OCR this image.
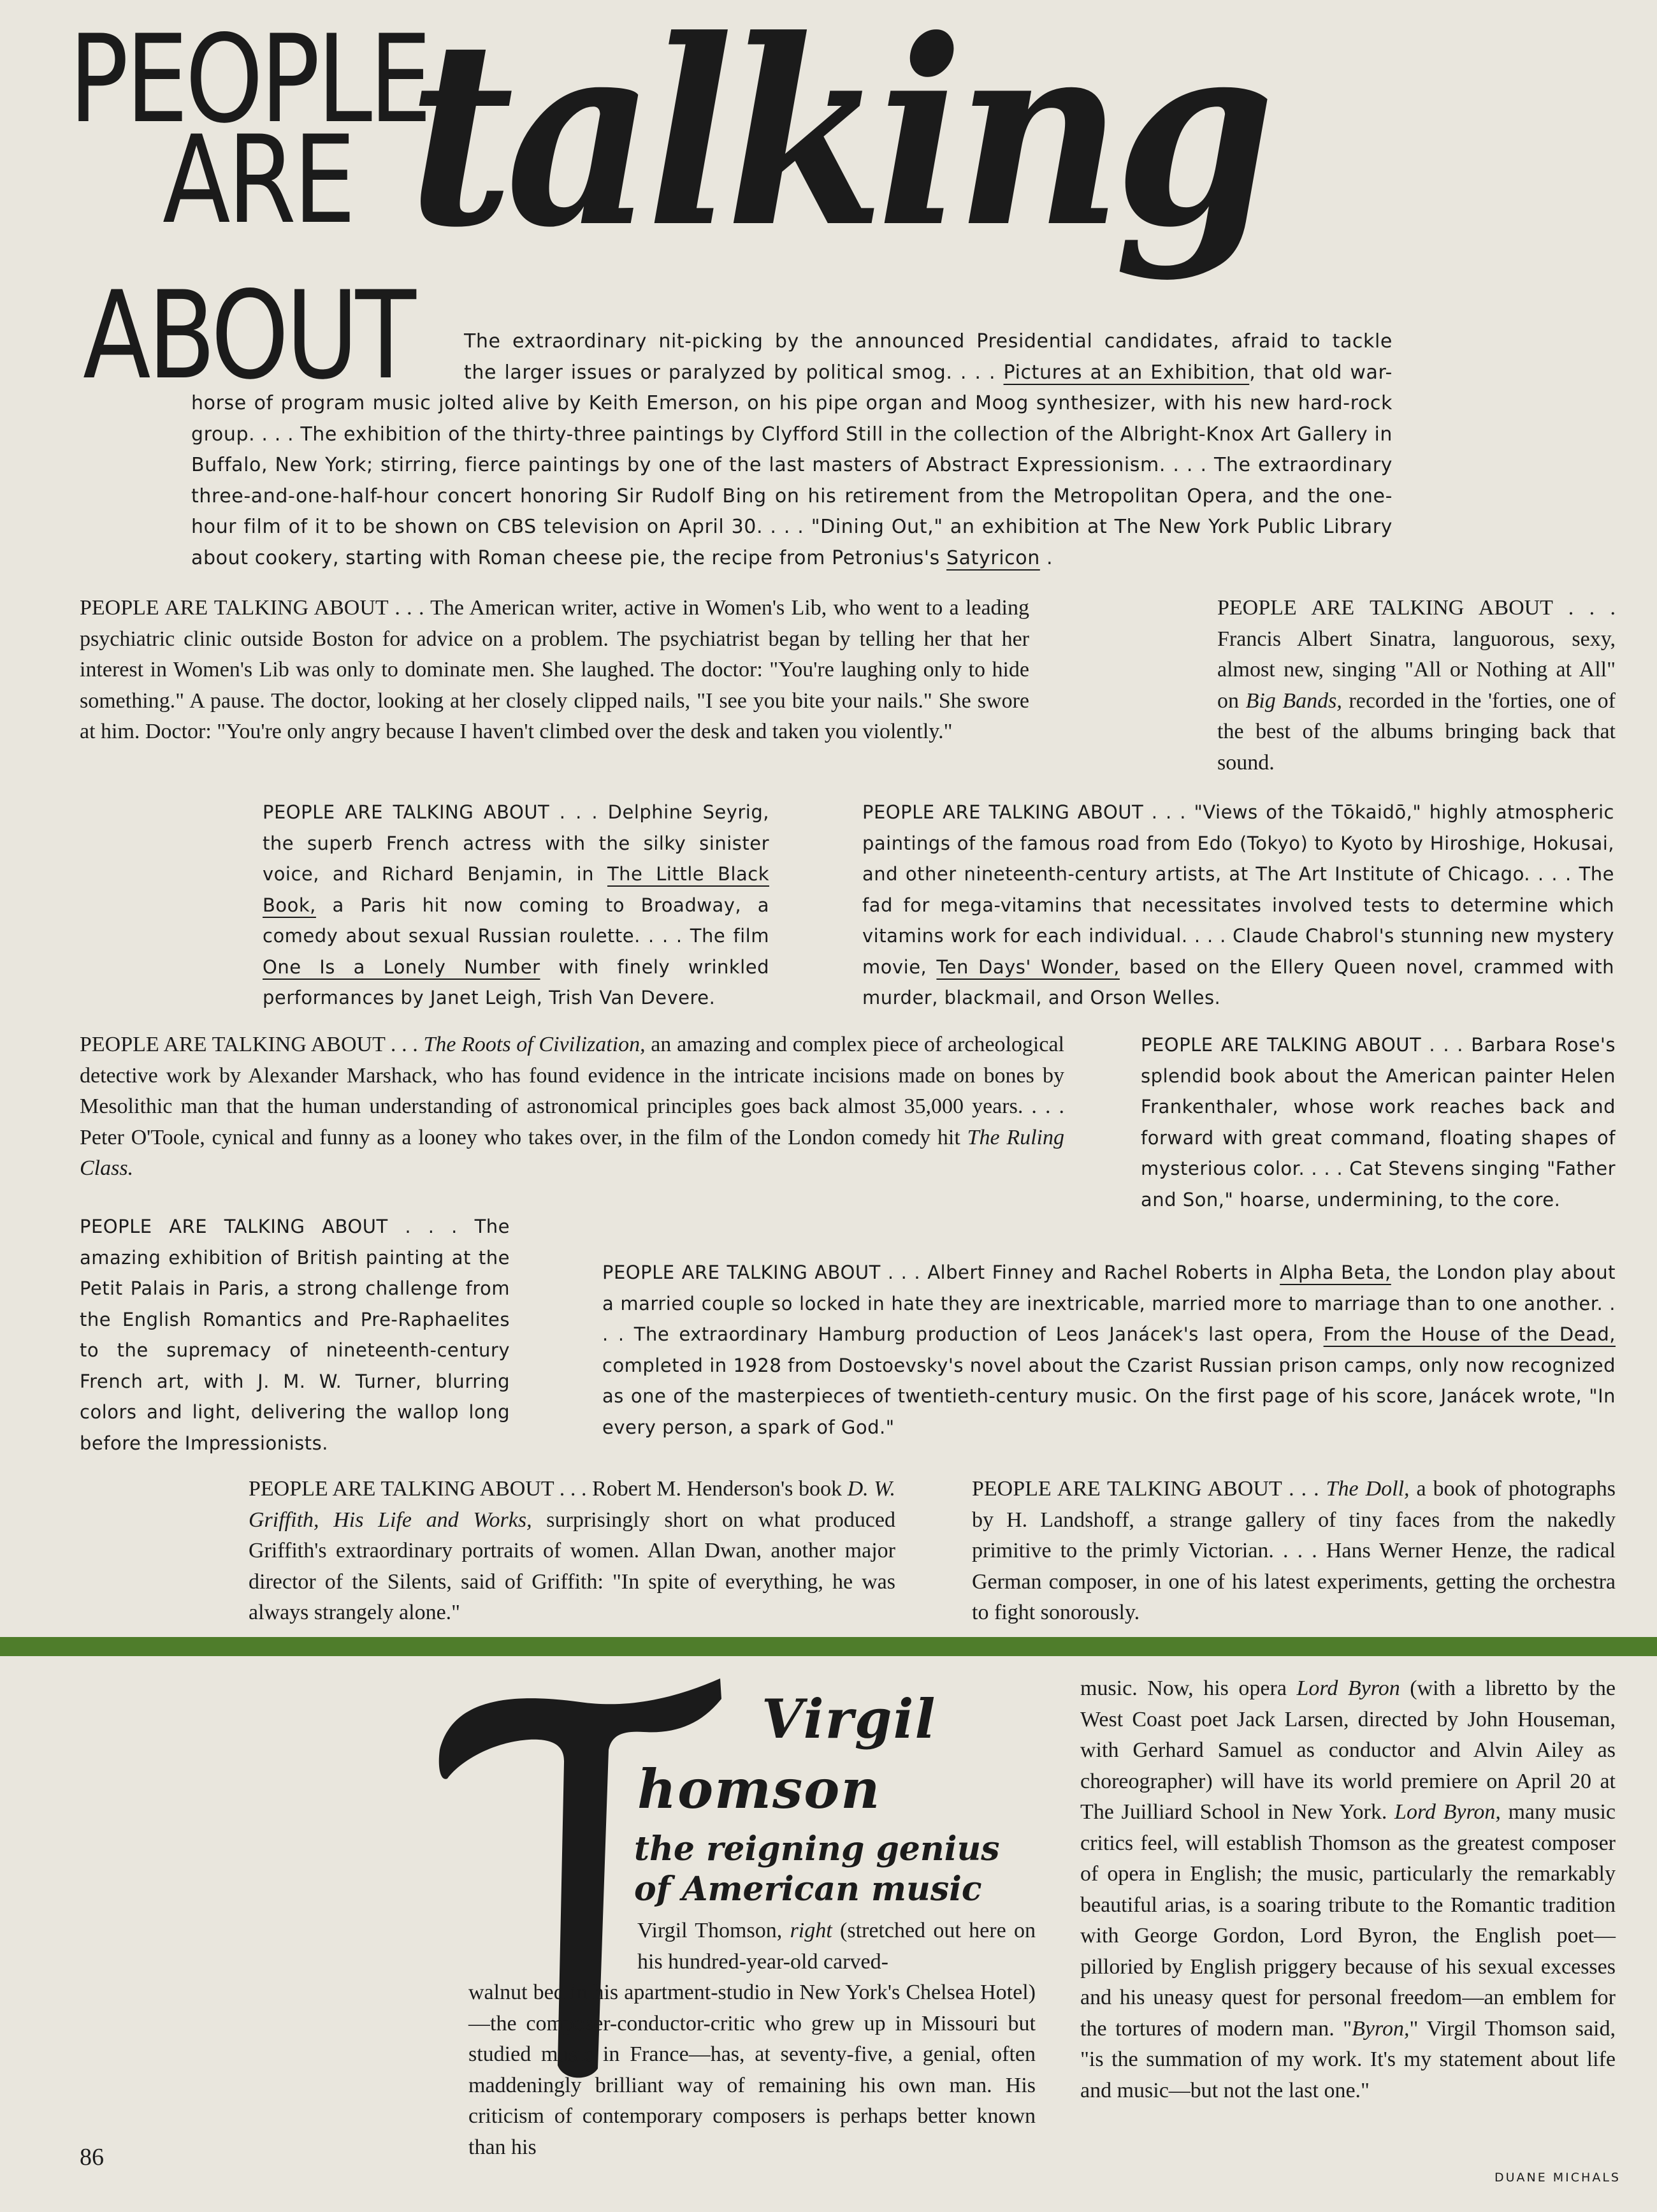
PEOPLE
ARE talking
ABOUT	The extraordinary nit-picking by the announced Presidential candidates, afraid to tackle
the larger issues or paralyzed by political smog. . . . Pictures at an Exhibition, that old war-
horse of program music jolted alive by Keith Emerson, on his pipe organ and Moog synthesizer, with his new hard-rock group. . . . The exhibition of the thirty-three paintings by Clyfford Still in the collection of the Albright-Knox Art Gallery in Buffalo, New York; stirring, fierce paintings by one of the last masters of Abstract Expressionism. . . . The extraordinary three-and-one-half-hour concert honoring Sir Rudolf Bing on his retirement from the Metropolitan Opera, and the one-hour film of it to be shown on CBS television on April 30. . . . "Dining Out," an exhibition at The New York Public Library about cookery, starting with Roman cheese pie, the recipe from Petronius's Satyricon .
PEOPLE ARE TALKING ABOUT . . . The American writer, active in Women's Lib, who went to a leading psychiatric clinic outside Boston for advice on a problem. The psychiatrist began by telling her that her interest in Women's Lib was only to dominate men. She laughed. The doctor: "You're laughing only to hide something." A pause. The doctor, looking at her closely clipped nails, "I see you bite your nails." She swore at him. Doctor: "You're only angry because I haven't climbed over the desk and taken you violently."
PEOPLE ARE TALKING ABOUT . . . Francis Albert Sinatra, languorous, sexy, almost new, singing "All or Nothing at All" on Big Bands, recorded in the 'forties, one of the best of the albums bringing back that sound.
PEOPLE ARE TALKING ABOUT . . . Delphine Seyrig, the superb French actress with the silky sinister voice, and Richard Benjamin, in The Little Black Book, a Paris hit now coming to Broadway, a comedy about sexual Russian roulette. . . . The film One Is a Lonely Number with finely wrinkled performances by Janet Leigh, Trish Van Devere.
PEOPLE ARE TALKING ABOUT . . . "Views of the Tōkaidō," highly atmospheric paintings of the famous road from Edo (Tokyo) to Kyoto by Hiroshige, Hokusai, and other nineteenth-century artists, at The Art Institute of Chicago. . . . The fad for mega-vitamins that necessitates involved tests to determine which vitamins work for each individual. . . . Claude Chabrol's stunning new mystery movie, Ten Days' Wonder, based on the Ellery Queen novel, crammed with murder, blackmail, and Orson Welles.
PEOPLE ARE TALKING ABOUT . . . The Roots of Civilization, an amazing and complex piece of archeological detective work by Alexander Marshack, who has found evidence in the intricate incisions made on bones by Mesolithic man that the human understanding of astronomical principles goes back almost 35,000 years. . . . Peter O'Toole, cynical and funny as a looney who takes over, in the film of the London comedy hit The Ruling Class.
PEOPLE ARE TALKING ABOUT . . . Barbara Rose's splendid book about the American painter Helen Frankenthaler, whose work reaches back and forward with great command, floating shapes of mysterious color. . . . Cat Stevens singing "Father and Son," hoarse, undermining, to the core.
PEOPLE ARE TALKING ABOUT . . . The amazing exhibition of British painting at the Petit Palais in Paris, a strong challenge from the English Romantics and Pre-Raphaelites to the supremacy of nineteenth-century French art, with J. M. W. Turner, blurring colors and light, delivering the wallop long before the Impressionists.
PEOPLE ARE TALKING ABOUT . . . Albert Finney and Rachel Roberts in Alpha Beta, the London play about a married couple so locked in hate they are inextricable, married more to marriage than to one another. . . . The extraordinary Hamburg production of Leos Janácek's last opera, From the House of the Dead, completed in 1928 from Dostoevsky's novel about the Czarist Russian prison camps, only now recognized as one of the masterpieces of twentieth-century music. On the first page of his score, Janácek wrote, "In every person, a spark of God."
PEOPLE ARE TALKING ABOUT . . . Robert M. Henderson's book D. W. Griffith, His Life and Works, surprisingly short on what produced Griffith's extraordinary portraits of women. Allan Dwan, another major director of the Silents, said of Griffith: "In spite of everything, he was always strangely alone."
PEOPLE ARE TALKING ABOUT . . . The Doll, a book of photographs by H. Landshoff, a strange gallery of tiny faces from the nakedly primitive to the primly Victorian. . . . Hans Werner Henze, the radical German composer, in one of his latest experiments, getting the orchestra to fight sonorously.
Virgil
homson
the reigning genius
of American music
Virgil Thomson, right (stretched out here on his hundred-year-old carved-
walnut bed in his apartment-studio in New York's Chelsea Hotel)—the composer-conductor-critic who grew up in Missouri but studied music in France—has, at seventy-five, a genial, often maddeningly brilliant way of remaining his own man. His criticism of contemporary composers is perhaps better known than his
music. Now, his opera Lord Byron (with a libretto by the West Coast poet Jack Larsen, directed by John Houseman, with Gerhard Samuel as conductor and Alvin Ailey as choreographer) will have its world premiere on April 20 at The Juilliard School in New York. Lord Byron, many music critics feel, will establish Thomson as the greatest composer of opera in English; the music, particularly the remarkably beautiful arias, is a soaring tribute to the Romantic tradition with George Gordon, Lord Byron, the English poet—pilloried by English priggery because of his sexual excesses and his uneasy quest for personal freedom—an emblem for the tortures of modern man. "Byron," Virgil Thomson said, "is the summation of my work. It's my statement about life and music—but not the last one."
86
DUANE MICHALS
